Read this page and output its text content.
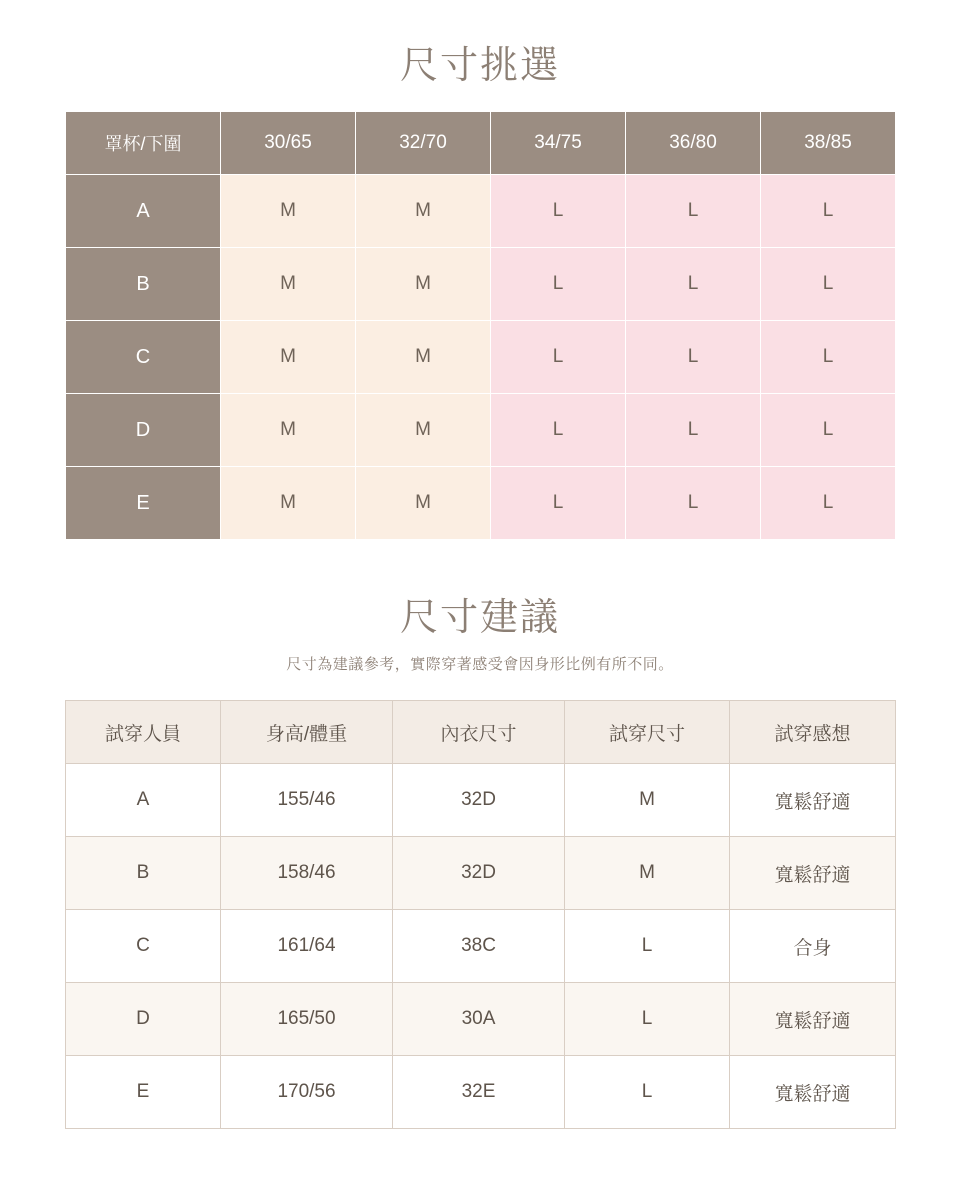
尺寸挑選
罩杯/下圍	30/65	32/70	34/75	36/80	38/85	
A	M	M	L	L	L	
B	M	M	L	L	L	
C	M	M	L	L	L	
D	M	M	L	L	L	
E	M	M	L	L	L	
尺寸建議

尺寸為建議參考，實際穿著感受會因身形比例有所不同。

試穿人員	身高/體重	內衣尺寸	試穿尺寸	試穿感想
A	155/46	32D	M	寬鬆舒適
B	158/46	32D	M	寬鬆舒適
C	161/64	38C	L	合身
D	165/50	30A	L	寬鬆舒適
E	170/56	32E	L	寬鬆舒適
